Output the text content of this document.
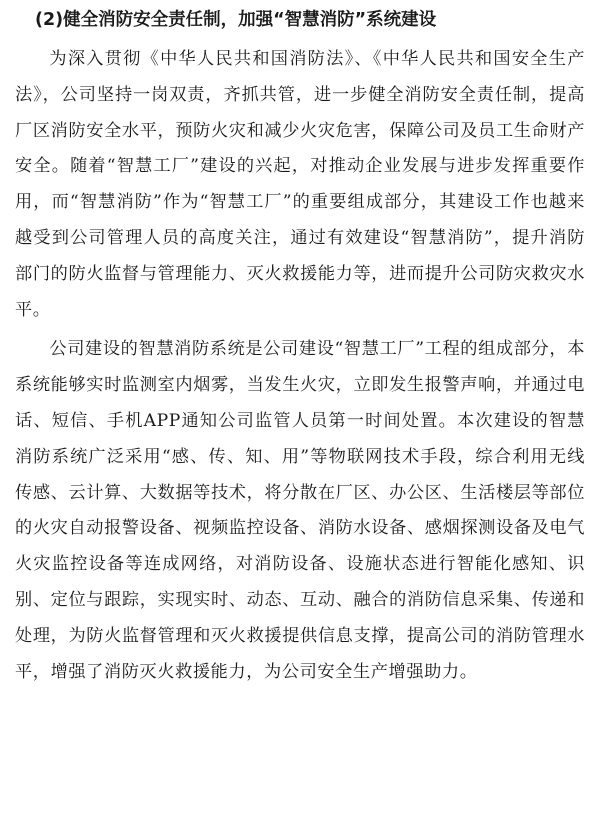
(2)健全消防安全责任制，加强“智慧消防”系统建设

为深入贯彻《中华人民共和国消防法》、《中华人民共和国安全生产法》，公司坚持一岗双责，齐抓共管，进一步健全消防安全责任制，提高厂区消防安全水平，预防火灾和减少火灾危害，保障公司及员工生命财产安全。随着“智慧工厂”建设的兴起，对推动企业发展与进步发挥重要作用，而“智慧消防”作为“智慧工厂”的重要组成部分，其建设工作也越来越受到公司管理人员的高度关注，通过有效建设“智慧消防”，提升消防部门的防火监督与管理能力、灭火救援能力等，进而提升公司防灾救灾水平。

公司建设的智慧消防系统是公司建设“智慧工厂”工程的组成部分，本系统能够实时监测室内烟雾，当发生火灾，立即发生报警声响，并通过电话、短信、手机APP通知公司监管人员第一时间处置。本次建设的智慧消防系统广泛采用“感、传、知、用”等物联网技术手段，综合利用无线传感、云计算、大数据等技术，将分散在厂区、办公区、生活楼层等部位的火灾自动报警设备、视频监控设备、消防水设备、感烟探测设备及电气火灾监控设备等连成网络，对消防设备、设施状态进行智能化感知、识别、定位与跟踪，实现实时、动态、互动、融合的消防信息采集、传递和处理，为防火监督管理和灭火救援提供信息支撑，提高公司的消防管理水平，增强了消防灭火救援能力，为公司安全生产增强助力。
